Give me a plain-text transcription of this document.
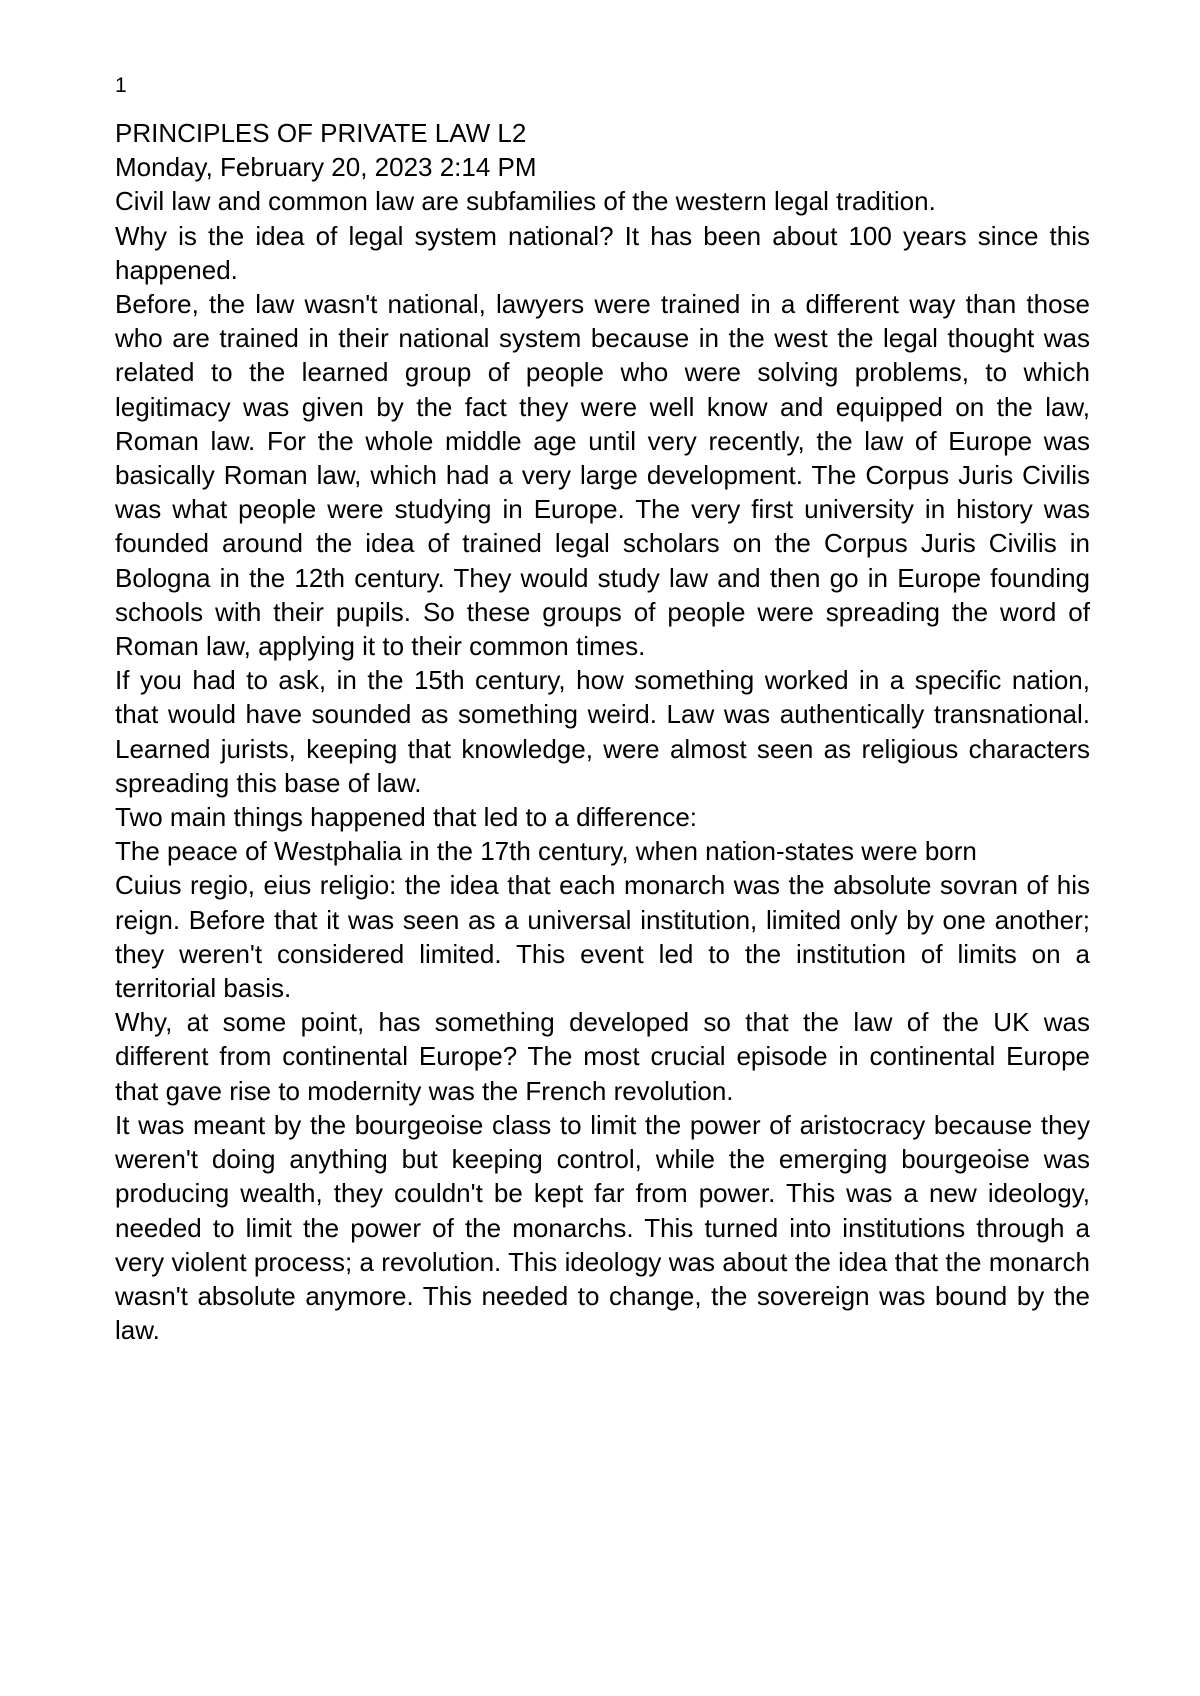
1

PRINCIPLES OF PRIVATE LAW L2

Monday, February 20, 2023 2:14 PM

Civil law and common law are subfamilies of the western legal tradition.

Why is the idea of legal system national? It has been about 100 years since this happened.

Before, the law wasn't national, lawyers were trained in a different way than those who are trained in their national system because in the west the legal thought was related to the learned group of people who were solving problems, to which legitimacy was given by the fact they were well know and equipped on the law, Roman law. For the whole middle age until very recently, the law of Europe was basically Roman law, which had a very large development. The Corpus Juris Civilis was what people were studying in Europe. The very first university in history was founded around the idea of trained legal scholars on the Corpus Juris Civilis in Bologna in the 12th century. They would study law and then go in Europe founding schools with their pupils. So these groups of people were spreading the word of Roman law, applying it to their common times.

If you had to ask, in the 15th century, how something worked in a specific nation, that would have sounded as something weird. Law was authentically transnational. Learned jurists, keeping that knowledge, were almost seen as religious characters spreading this base of law.

Two main things happened that led to a difference:

The peace of Westphalia in the 17th century, when nation-states were born

Cuius regio, eius religio: the idea that each monarch was the absolute sovran of his reign. Before that it was seen as a universal institution, limited only by one another; they weren't considered limited. This event led to the institution of limits on a territorial basis.

Why, at some point, has something developed so that the law of the UK was different from continental Europe? The most crucial episode in continental Europe that gave rise to modernity was the French revolution.

It was meant by the bourgeoise class to limit the power of aristocracy because they weren't doing anything but keeping control, while the emerging bourgeoise was producing wealth, they couldn't be kept far from power. This was a new ideology, needed to limit the power of the monarchs. This turned into institutions through a very violent process; a revolution. This ideology was about the idea that the monarch wasn't absolute anymore. This needed to change, the sovereign was bound by the law.
